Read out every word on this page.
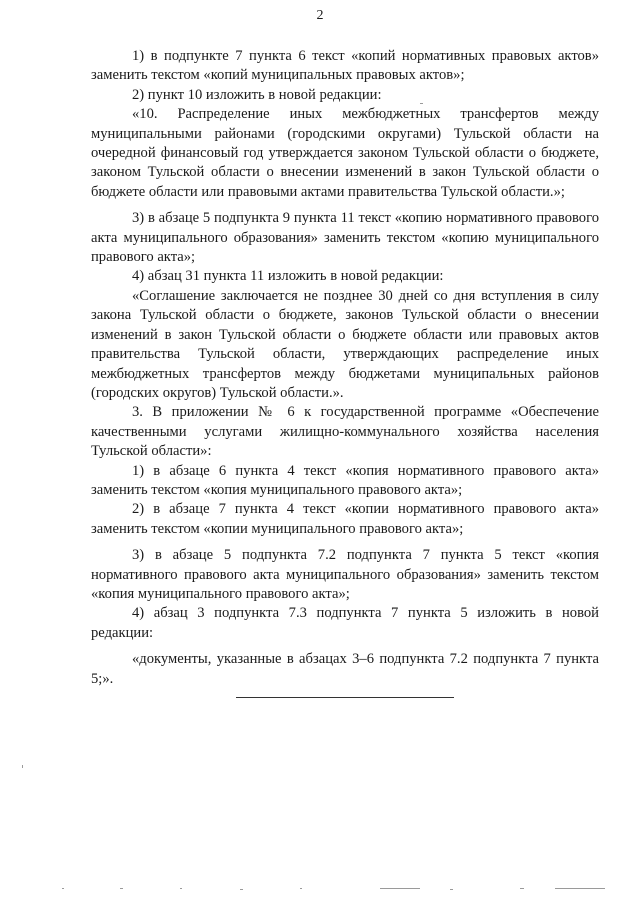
2

1) в подпункте 7 пункта 6 текст «копий нормативных правовых актов» заменить текстом «копий муниципальных правовых актов»;

2) пункт 10 изложить в новой редакции:

«10. Распределение иных межбюджетных трансфертов между муниципальными районами (городскими округами) Тульской области на очередной финансовый год утверждается законом Тульской области о бюджете, законом Тульской области о внесении изменений в закон Тульской области о бюджете области или правовыми актами правительства Тульской области.»;

3) в абзаце 5 подпункта 9 пункта 11 текст «копию нормативного правового акта муниципального образования» заменить текстом «копию муниципального правового акта»;

4) абзац 31 пункта 11 изложить в новой редакции:

«Соглашение заключается не позднее 30 дней со дня вступления в силу закона Тульской области о бюджете, законов Тульской области о внесении изменений в закон Тульской области о бюджете области или правовых актов правительства Тульской области, утверждающих распределение иных межбюджетных трансфертов между бюджетами муниципальных районов (городских округов) Тульской области.».

3. В приложении № 6 к государственной программе «Обеспечение качественными услугами жилищно-коммунального хозяйства населения Тульской области»:

1) в абзаце 6 пункта 4 текст «копия нормативного правового акта» заменить текстом «копия муниципального правового акта»;

2) в абзаце 7 пункта 4 текст «копии нормативного правового акта» заменить текстом «копии муниципального правового акта»;

3) в абзаце 5 подпункта 7.2 подпункта 7 пункта 5 текст «копия нормативного правового акта муниципального образования» заменить текстом «копия муниципального правового акта»;

4) абзац 3 подпункта 7.3 подпункта 7 пункта 5 изложить в новой редакции:

«документы, указанные в абзацах 3–6 подпункта 7.2 подпункта 7 пункта 5;».
